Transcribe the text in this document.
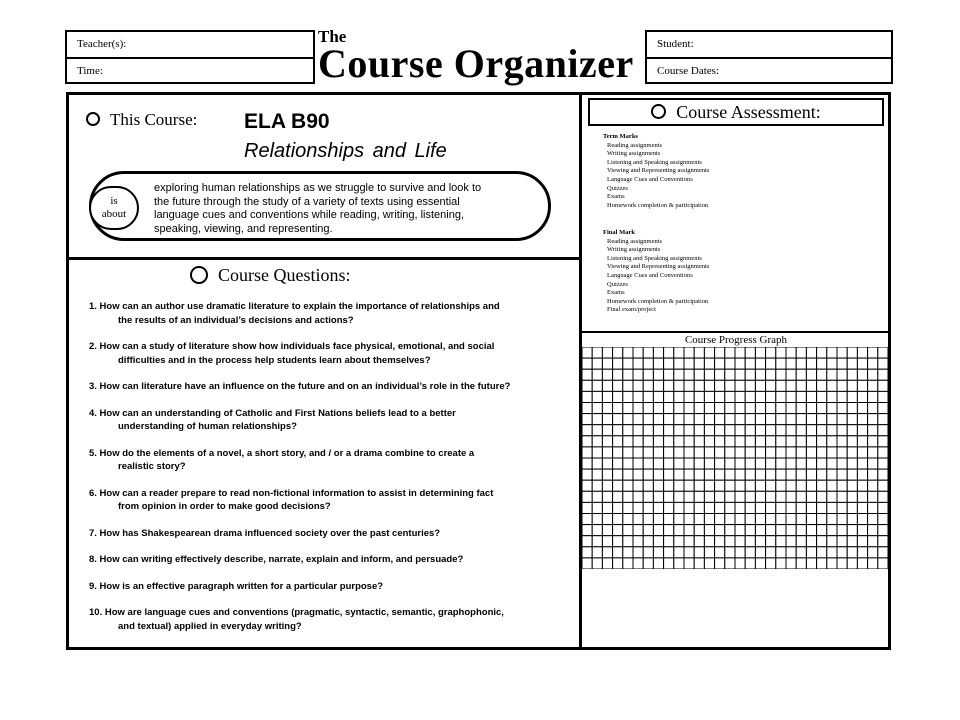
Teacher(s):
Time:
The
Course Organizer	Student:
Course Dates:
This Course: ELA B90
Relationships and Life
is
about
exploring human relationships as we struggle to survive and look to
the future through the study of a variety of texts using essential
language cues and conventions while reading, writing, listening,
speaking, viewing, and representing.
Course Questions:
1. How can an author use dramatic literature to explain the importance of relationships and
the results of an individual’s decisions and actions?
2. How can a study of literature show how individuals face physical, emotional, and social
difficulties and in the process help students learn about themselves?
3. How can literature have an influence on the future and on an individual’s role in the future?
4. How can an understanding of Catholic and First Nations beliefs lead to a better
understanding of human relationships?
5. How do the elements of a novel, a short story, and / or a drama combine to create a
realistic story?
6. How can a reader prepare to read non-fictional information to assist in determining fact
from opinion in order to make good decisions?
7. How has Shakespearean drama influenced society over the past centuries?
8. How can writing effectively describe, narrate, explain and inform, and persuade?
9. How is an effective paragraph written for a particular purpose?
10. How are language cues and conventions (pragmatic, syntactic, semantic, graphophonic,
and textual) applied in everyday writing?
Course Assessment:
Term Marks
Reading assignments
Writing assignments
Listening and Speaking assignments
Viewing and Representing assignments
Language Cues and Conventions
Quizzes
Exams
Homework completion & participation
Final Mark
Reading assignments
Writing assignments
Listening and Speaking assignments
Viewing and Representing assignments
Language Cues and Conventions
Quizzes
Exams
Homework completion & participation
Final exam/project
Course Progress Graph
